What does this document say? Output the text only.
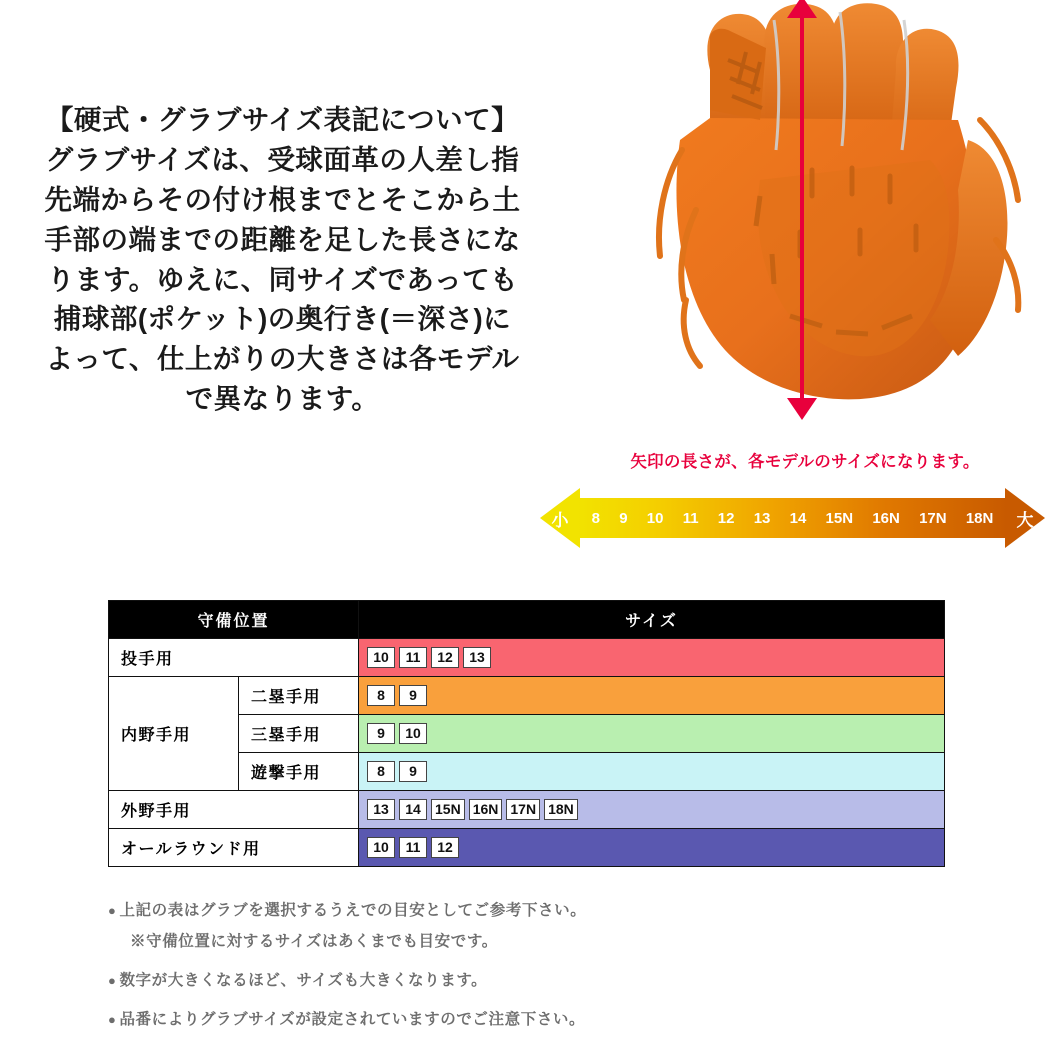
【硬式・グラブサイズ表記について】
グラブサイズは、受球面革の人差し指
先端からその付け根までとそこから土
手部の端までの距離を足した長さにな
ります。ゆえに、同サイズであっても
捕球部(ポケット)の奥行き(＝深さ)に
よって、仕上がりの大きさは各モデル
で異なります。
矢印の長さが、各モデルのサイズになります。
小	8 9 10 11 12 13 14 15N 16N 17N 18N	大
守備位置		サイズ
投手用		10 11 12 13
内野手用	二塁手用	8 9
	三塁手用	9 10
	遊撃手用	8 9
外野手用		13 14 15N 16N 17N 18N
オールラウンド用		10 11 12
● 上記の表はグラブを選択するうえでの目安としてご参考下さい。
※守備位置に対するサイズはあくまでも目安です。
● 数字が大きくなるほど、サイズも大きくなります。
● 品番によりグラブサイズが設定されていますのでご注意下さい。
